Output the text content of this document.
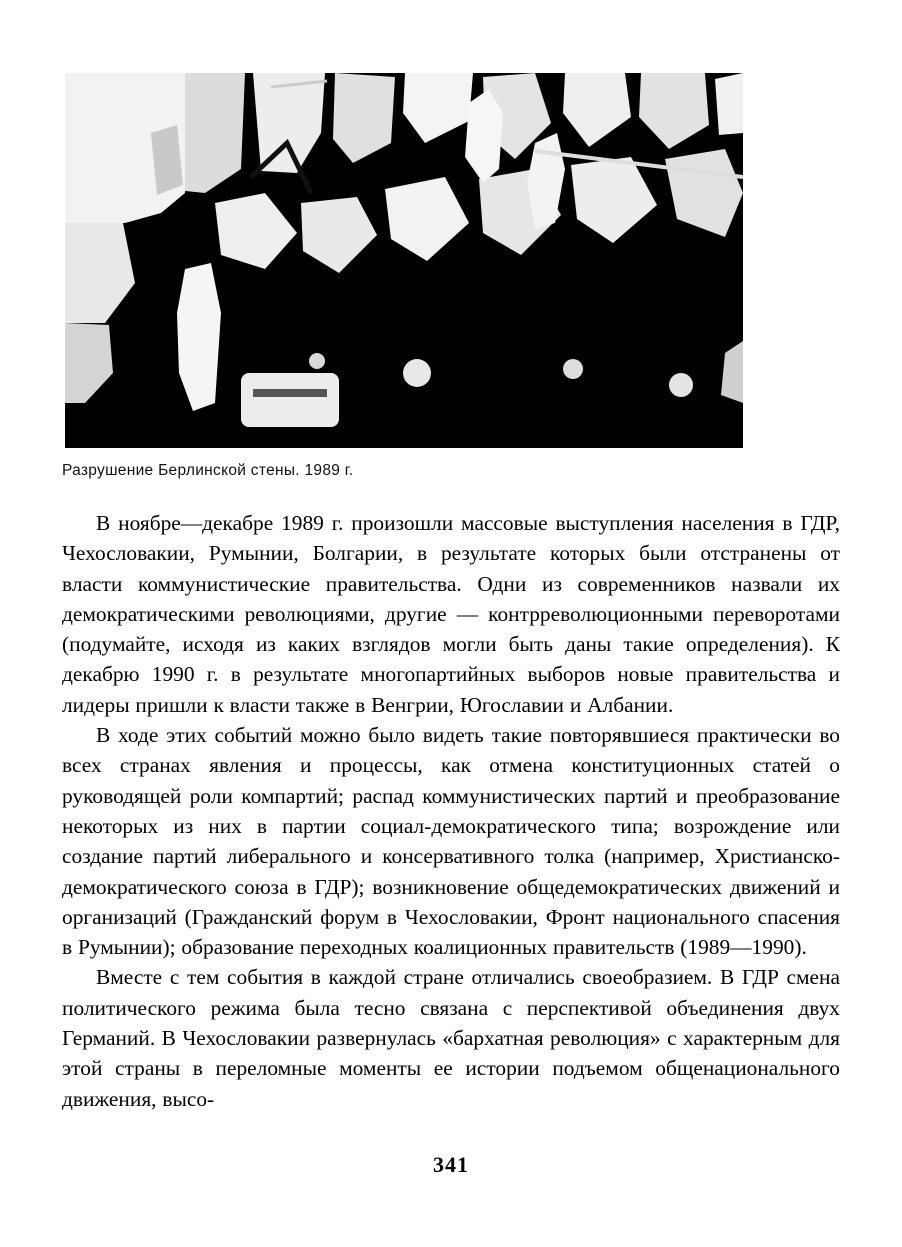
Разрушение Берлинской стены. 1989 г.

В ноябре—декабре 1989 г. произошли массовые выступления населения в ГДР, Чехословакии, Румынии, Болгарии, в результате которых были отстранены от власти коммунистические правительства. Одни из современников назвали их демократическими революциями, другие — контрреволюционными переворотами (подумайте, исходя из каких взглядов могли быть даны такие определения). К декабрю 1990 г. в результате многопартийных выборов новые правительства и лидеры пришли к власти также в Венгрии, Югославии и Албании.

В ходе этих событий можно было видеть такие повторявшиеся практически во всех странах явления и процессы, как отмена конституционных статей о руководящей роли компартий; распад коммунистических партий и преобразование некоторых из них в партии социал-демократического типа; возрождение или создание партий либерального и консервативного толка (например, Христианско-демократического союза в ГДР); возникновение общедемократических движений и организаций (Гражданский форум в Чехословакии, Фронт национального спасения в Румынии); образование переходных коалиционных правительств (1989—1990).

Вместе с тем события в каждой стране отличались своеобразием. В ГДР смена политического режима была тесно связана с перспективой объединения двух Германий. В Чехословакии развернулась «бархатная революция» с характерным для этой страны в переломные моменты ее истории подъемом общенационального движения, высо-

341
